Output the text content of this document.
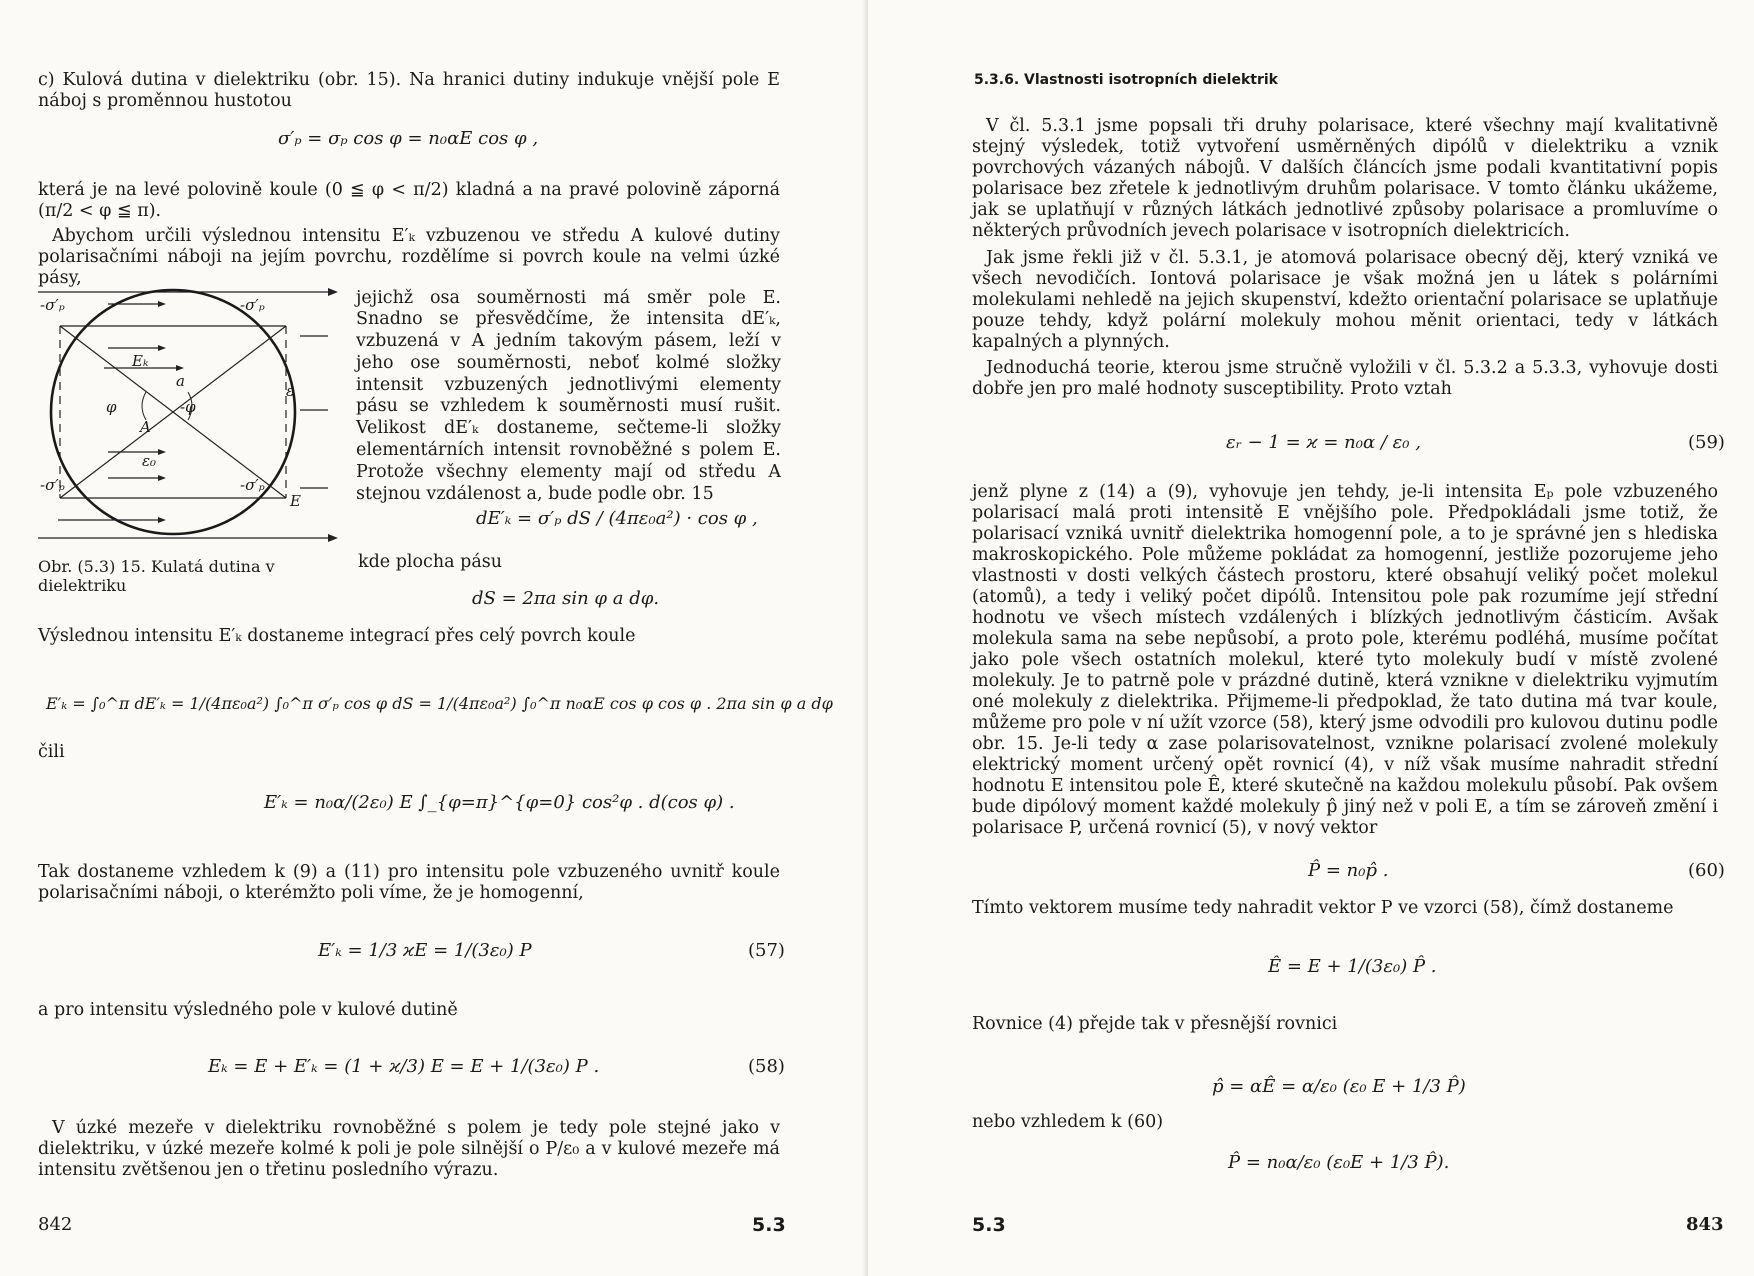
c) Kulová dutina v dielektriku (obr. 15). Na hranici dutiny indukuje vnější pole E náboj s proměnnou hustotou

σ′ₚ = σₚ cos φ = n₀αE cos φ ,

která je na levé polovině koule (0 ≦ φ < π/2) kladná a na pravé polovině záporná (π/2 < φ ≦ π).

Abychom určili výslednou intensitu E′ₖ vzbuzenou ve středu A kulové dutiny polarisačními náboji na jejím povrchu, rozdělíme si povrch koule na velmi úzké pásy,

-σ′ₚ	-σ′ₚ
-σ′ₚ	-σ′ₚ
Eₖ
a
φ	-φ
A
ε₀
ε
E
Obr. (5.3) 15. Kulatá dutina v dielektriku

jejichž osa souměrnosti má směr pole E. Snadno se přesvědčíme, že intensita dE′ₖ, vzbuzená v A jedním takovým pásem, leží v jeho ose souměrnosti, neboť kolmé složky intensit vzbuzených jednotlivými elementy pásu se vzhledem k souměrnosti musí rušit. Velikost dE′ₖ dostaneme, sečteme-li složky elementárních intensit rovnoběžné s polem E. Protože všechny elementy mají od středu A stejnou vzdálenost a, bude podle obr. 15

dE′ₖ = σ′ₚ dS / (4πε₀a²) · cos φ ,
kde plocha pásu
dS = 2πa sin φ a dφ.

Výslednou intensitu E′ₖ dostaneme integrací přes celý povrch koule

E′ₖ = ∫₀^π dE′ₖ = 1/(4πε₀a²) ∫₀^π σ′ₚ cos φ dS = 1/(4πε₀a²) ∫₀^π n₀αE cos φ cos φ . 2πa sin φ a dφ
čili
E′ₖ = n₀α/(2ε₀) E ∫_{φ=π}^{φ=0} cos²φ . d(cos φ) .

Tak dostaneme vzhledem k (9) a (11) pro intensitu pole vzbuzeného uvnitř koule polarisačními náboji, o kterémžto poli víme, že je homogenní,

E′ₖ = 1/3 ϰE = 1/(3ε₀) P	(57)

a pro intensitu výsledného pole v kulové dutině

Eₖ = E + E′ₖ = (1 + ϰ/3) E = E + 1/(3ε₀) P .	(58)

V úzké mezeře v dielektriku rovnoběžné s polem je tedy pole stejné jako v dielektriku, v úzké mezeře kolmé k poli je pole silnější o P/ε₀ a v kulové mezeře má intensitu zvětšenou jen o třetinu posledního výrazu.

842	5.3
5.3.6. Vlastnosti isotropních dielektrik

V čl. 5.3.1 jsme popsali tři druhy polarisace, které všechny mají kvalitativně stejný výsledek, totiž vytvoření usměrněných dipólů v dielektriku a vznik povrchových vázaných nábojů. V dalších článcích jsme podali kvantitativní popis polarisace bez zřetele k jednotlivým druhům polarisace. V tomto článku ukážeme, jak se uplatňují v různých látkách jednotlivé způsoby polarisace a promluvíme o některých průvodních jevech polarisace v isotropních dielektricích.

Jak jsme řekli již v čl. 5.3.1, je atomová polarisace obecný děj, který vzniká ve všech nevodičích. Iontová polarisace je však možná jen u látek s polárními molekulami nehledě na jejich skupenství, kdežto orientační polarisace se uplatňuje pouze tehdy, když polární molekuly mohou měnit orientaci, tedy v látkách kapalných a plynných.

Jednoduchá teorie, kterou jsme stručně vyložili v čl. 5.3.2 a 5.3.3, vyhovuje dosti dobře jen pro malé hodnoty susceptibility. Proto vztah

εᵣ − 1 = ϰ = n₀α / ε₀ ,	(59)

jenž plyne z (14) a (9), vyhovuje jen tehdy, je-li intensita Eₚ pole vzbuzeného polarisací malá proti intensitě E vnějšího pole. Předpokládali jsme totiž, že polarisací vzniká uvnitř dielektrika homogenní pole, a to je správné jen s hlediska makroskopického. Pole můžeme pokládat za homogenní, jestliže pozorujeme jeho vlastnosti v dosti velkých částech prostoru, které obsahují veliký počet molekul (atomů), a tedy i veliký počet dipólů. Intensitou pole pak rozumíme její střední hodnotu ve všech místech vzdálených i blízkých jednotlivým částicím. Avšak molekula sama na sebe nepůsobí, a proto pole, kterému podléhá, musíme počítat jako pole všech ostatních molekul, které tyto molekuly budí v místě zvolené molekuly. Je to patrně pole v prázdné dutině, která vznikne v dielektriku vyjmutím oné molekuly z dielektrika. Přijmeme-li předpoklad, že tato dutina má tvar koule, můžeme pro pole v ní užít vzorce (58), který jsme odvodili pro kulovou dutinu podle obr. 15. Je-li tedy α zase polarisovatelnost, vznikne polarisací zvolené molekuly elektrický moment určený opět rovnicí (4), v níž však musíme nahradit střední hodnotu E intensitou pole Ê, které skutečně na každou molekulu působí. Pak ovšem bude dipólový moment každé molekuly p̂ jiný než v poli E, a tím se zároveň změní i polarisace P, určená rovnicí (5), v nový vektor

P̂ = n₀p̂ .	(60)

Tímto vektorem musíme tedy nahradit vektor P ve vzorci (58), čímž dostaneme

Ê = E + 1/(3ε₀) P̂ .

Rovnice (4) přejde tak v přesnější rovnici

p̂ = αÊ = α/ε₀ (ε₀ E + 1/3 P̂)
nebo vzhledem k (60)
P̂ = n₀α/ε₀ (ε₀E + 1/3 P̂).
5.3	843
